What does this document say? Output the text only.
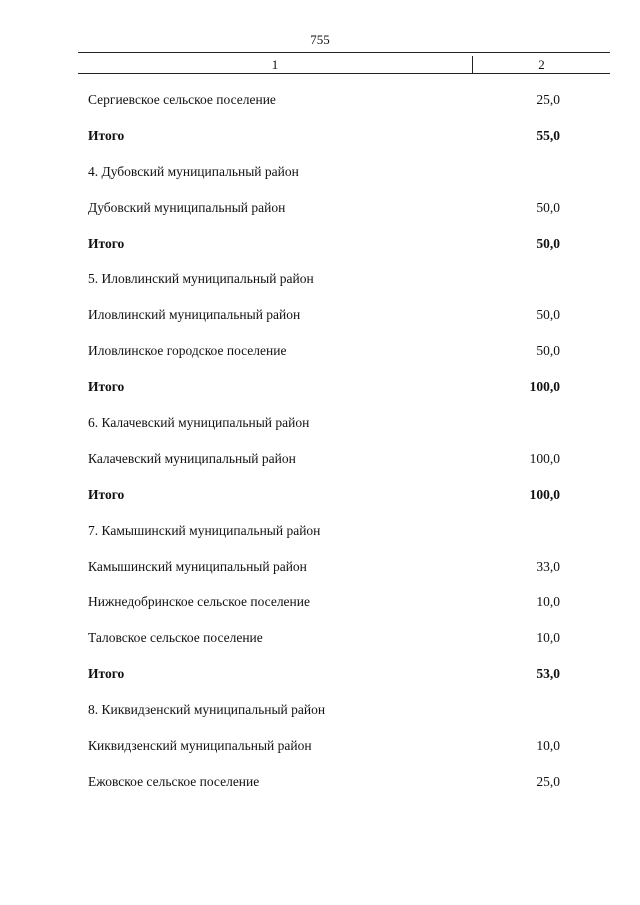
755
1	2
Сергиевское сельское поселение	25,0
Итого	55,0
4. Дубовский муниципальный район
Дубовский муниципальный район	50,0
Итого	50,0
5. Иловлинский муниципальный район
Иловлинский муниципальный район	50,0
Иловлинское городское поселение	50,0
Итого	100,0
6. Калачевский муниципальный район
Калачевский муниципальный район	100,0
Итого	100,0
7. Камышинский муниципальный район
Камышинский муниципальный район	33,0
Нижнедобринское сельское поселение	10,0
Таловское сельское поселение	10,0
Итого	53,0
8. Киквидзенский муниципальный район
Киквидзенский муниципальный район	10,0
Ежовское сельское поселение	25,0
